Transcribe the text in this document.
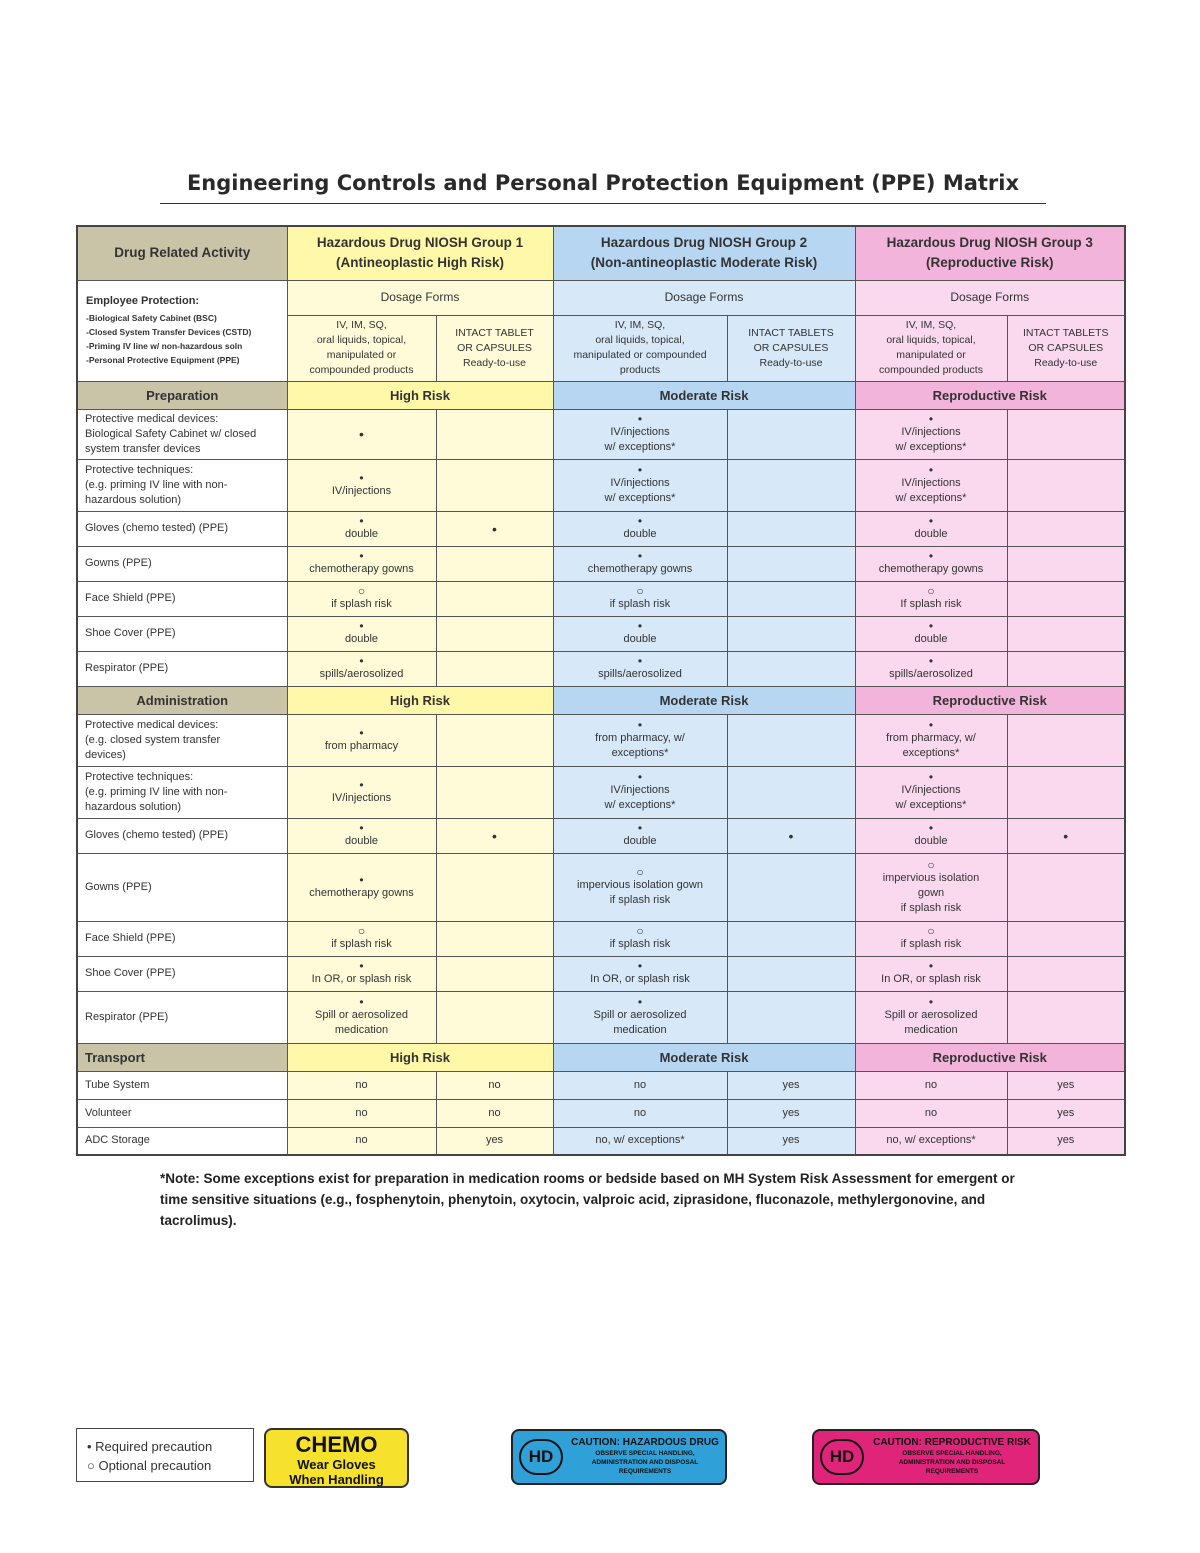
Engineering Controls and Personal Protection Equipment (PPE) Matrix
Drug Related Activity	Hazardous Drug NIOSH Group 1
(Antineoplastic High Risk)		Hazardous Drug NIOSH Group 2
(Non-antineoplastic Moderate Risk)		Hazardous Drug NIOSH Group 3
(Reproductive Risk)	

Employee Protection:
-Biological Safety Cabinet (BSC)
-Closed System Transfer Devices (CSTD)
-Priming IV line w/ non-hazardous soln
-Personal Protective Equipment (PPE)	Dosage Forms		Dosage Forms		Dosage Forms	

	IV, IM, SQ,
oral liquids, topical,
manipulated or
compounded products	INTACT TABLET
OR CAPSULES
Ready-to-use	IV, IM, SQ,
oral liquids, topical,
manipulated or compounded
products	INTACT TABLETS
OR CAPSULES
Ready-to-use	IV, IM, SQ,
oral liquids, topical,
manipulated or
compounded products	INTACT TABLETS
OR CAPSULES
Ready-to-use

Preparation	High Risk		Moderate Risk		Reproductive Risk	

Protective medical devices:
Biological Safety Cabinet w/ closed
system transfer devices	•		•
IV/injections
w/ exceptions*		•
IV/injections
w/ exceptions*	

Protective techniques:
(e.g. priming IV line with non-
hazardous solution)	•
IV/injections		•
IV/injections
w/ exceptions*		•
IV/injections
w/ exceptions*	

Gloves (chemo tested) (PPE)	•
double	•	•
double		•
double	

Gowns (PPE)	•
chemotherapy gowns		•
chemotherapy gowns		•
chemotherapy gowns	

Face Shield (PPE)	○
if splash risk		○
if splash risk		○
If splash risk	

Shoe Cover (PPE)	•
double		•
double		•
double	

Respirator (PPE)	•
spills/aerosolized		•
spills/aerosolized		•
spills/aerosolized	

Administration	High Risk		Moderate Risk		Reproductive Risk	

Protective medical devices:
(e.g. closed system transfer
devices)	•
from pharmacy		•
from pharmacy, w/
exceptions*		•
from pharmacy, w/
exceptions*	

Protective techniques:
(e.g. priming IV line with non-
hazardous solution)	•
IV/injections		•
IV/injections
w/ exceptions*		•
IV/injections
w/ exceptions*	

Gloves (chemo tested) (PPE)	•
double	•	•
double	•	•
double	•

Gowns (PPE)	•
chemotherapy gowns		○
impervious isolation gown
if splash risk		○
impervious isolation
gown
if splash risk	

Face Shield (PPE)	○
if splash risk		○
if splash risk		○
if splash risk	

Shoe Cover (PPE)	•
In OR, or splash risk		•
In OR, or splash risk		•
In OR, or splash risk	

Respirator (PPE)	•
Spill or aerosolized
medication		•
Spill or aerosolized
medication		•
Spill or aerosolized
medication	

Transport	High Risk		Moderate Risk		Reproductive Risk	
Tube System	no	no	no	yes	no	yes
Volunteer	no	no	no	yes	no	yes
ADC Storage	no	yes	no, w/ exceptions*	yes	no, w/ exceptions*	yes
*Note: Some exceptions exist for preparation in medication rooms or bedside based on MH System Risk Assessment for emergent or time sensitive situations (e.g., fosphenytoin, phenytoin, oxytocin, valproic acid, ziprasidone, fluconazole, methylergonovine, and tacrolimus).
• Required precaution
○ Optional precaution
CHEMO
Wear Gloves
When Handling
HD
CAUTION: HAZARDOUS DRUG
OBSERVE SPECIAL HANDLING,
ADMINISTRATION AND DISPOSAL
REQUIREMENTS
HD
CAUTION: REPRODUCTIVE RISK
OBSERVE SPECIAL HANDLING,
ADMINISTRATION AND DISPOSAL
REQUIREMENTS
